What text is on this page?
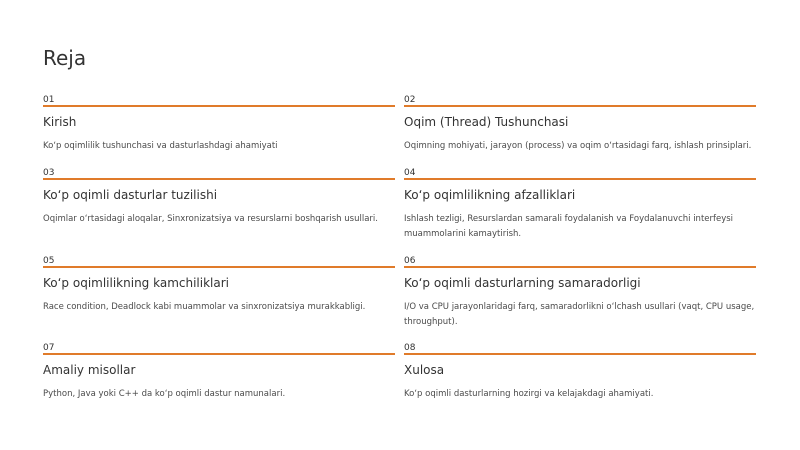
Reja
01
Kirish
Ko‘p oqimlilik tushunchasi va dasturlashdagi ahamiyati
02
Oqim (Thread) Tushunchasi
Oqimning mohiyati, jarayon (process) va oqim o‘rtasidagi farq, ishlash prinsiplari.
03
Ko‘p oqimli dasturlar tuzilishi
Oqimlar o‘rtasidagi aloqalar, Sinxronizatsiya va resurslarni boshqarish usullari.
04
Ko‘p oqimlilikning afzalliklari
Ishlash tezligi, Resurslardan samarali foydalanish va Foydalanuvchi interfeysi muammolarini kamaytirish.
05
Ko‘p oqimlilikning kamchiliklari
Race condition, Deadlock kabi muammolar va sinxronizatsiya murakkabligi.
06
Ko‘p oqimli dasturlarning samaradorligi
I/O va CPU jarayonlaridagi farq, samaradorlikni o‘lchash usullari (vaqt, CPU usage, throughput).
07
Amaliy misollar
Python, Java yoki C++ da ko‘p oqimli dastur namunalari.
08
Xulosa
Ko‘p oqimli dasturlarning hozirgi va kelajakdagi ahamiyati.
